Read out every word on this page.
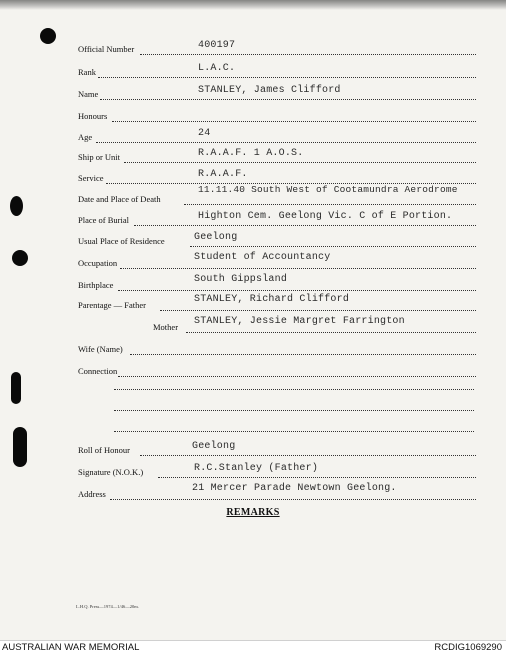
Official Number	400197
Rank	L.A.C.
Name	STANLEY, James Clifford
Honours
Age	24
Ship or Unit	R.A.A.F. 1 A.O.S.
Service	R.A.A.F.
Date and Place of Death
11.11.40 South West of Cootamundra Aerodrome
Place of Burial	Highton Cem. Geelong Vic. C of E Portion.
Usual Place of Residence	Geelong
Occupation	Student of Accountancy
Birthplace	South Gippsland
Parentage — Father	STANLEY, Richard Clifford
Mother STANLEY, Jessie Margret Farrington
Wife (Name)
Connection
Roll of Honour	Geelong
Signature (N.O.K.)	R.C.Stanley (Father)
Address	21 Mercer Parade Newtown Geelong.
REMARKS
L.H.Q. Press—1974—1/46—20m.
AUSTRALIAN WAR MEMORIAL	RCDIG1069290
